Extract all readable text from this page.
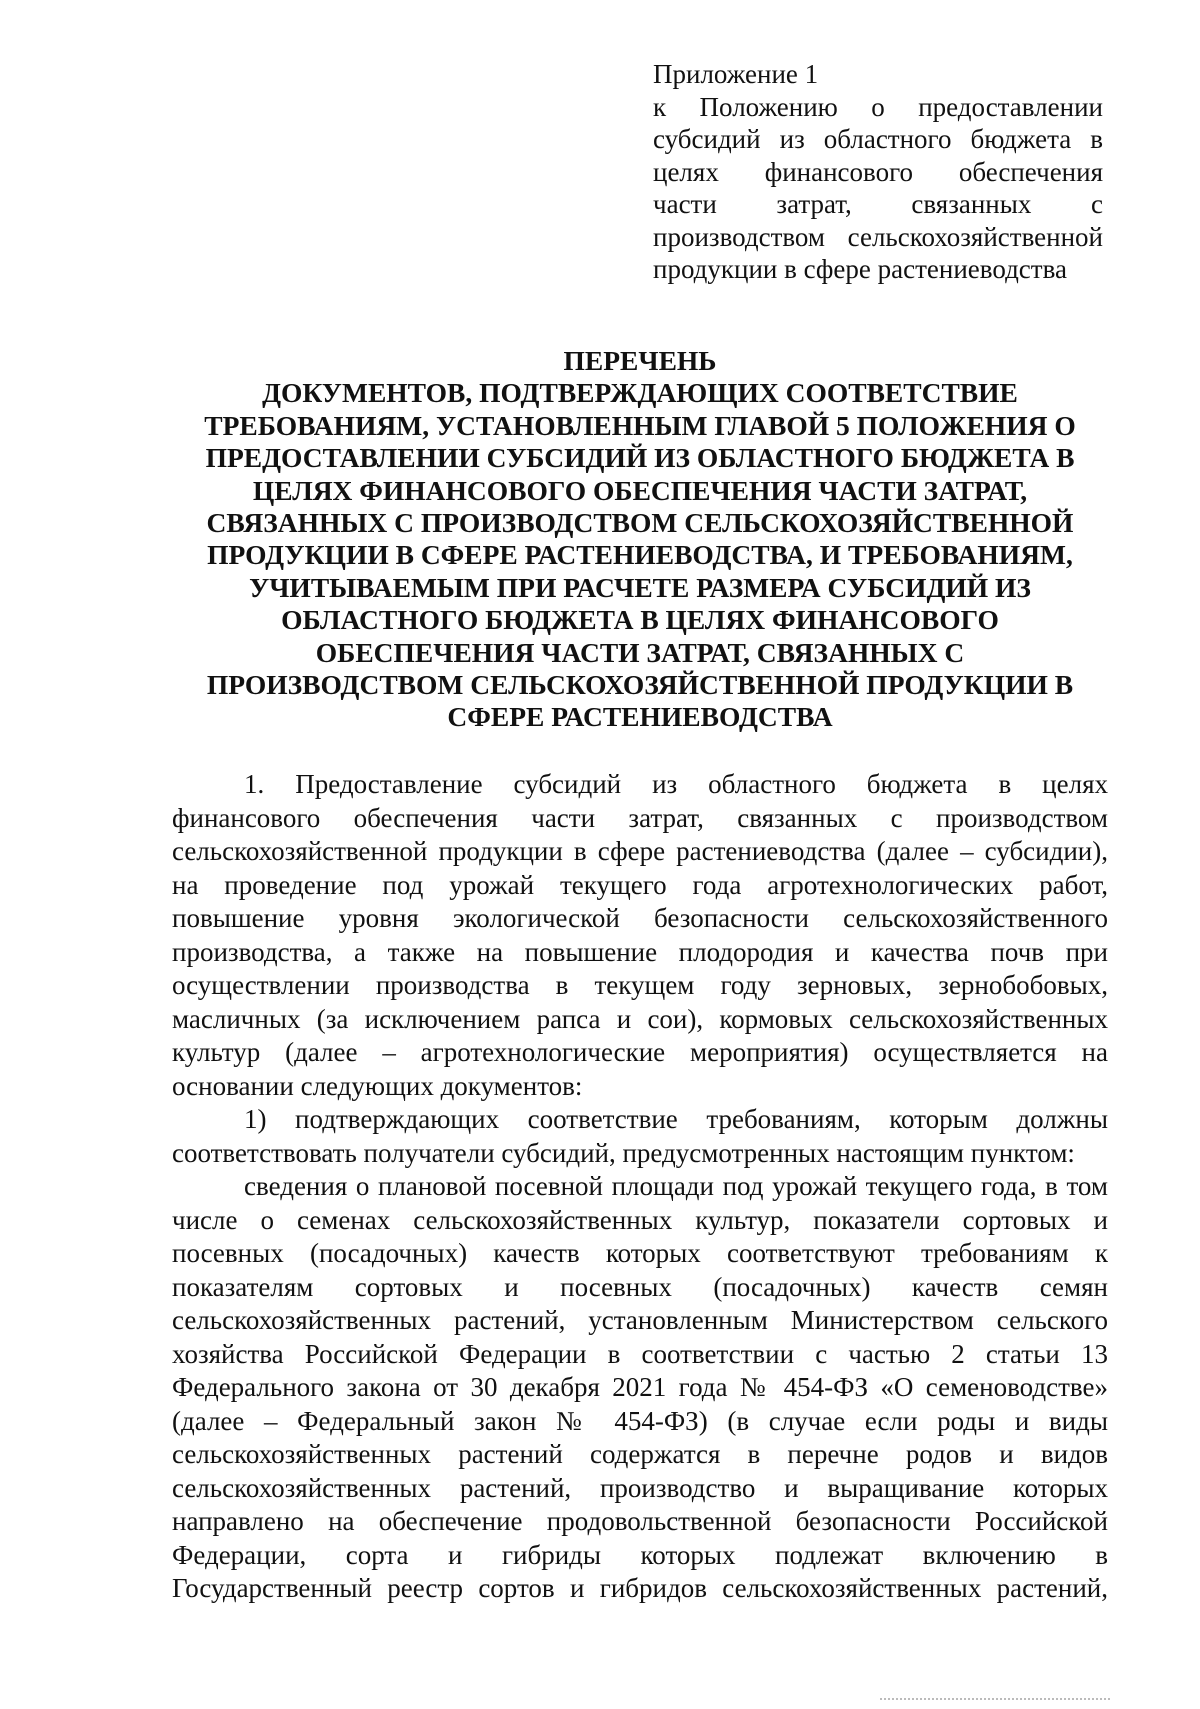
Приложение 1
к Положению о предоставлении
субсидий из областного бюджета в
целях финансового обеспечения
части затрат, связанных с
производством сельскохозяйственной
продукции в сфере растениеводства
ПЕРЕЧЕНЬ
ДОКУМЕНТОВ, ПОДТВЕРЖДАЮЩИХ СООТВЕТСТВИЕ
ТРЕБОВАНИЯМ, УСТАНОВЛЕННЫМ ГЛАВОЙ 5 ПОЛОЖЕНИЯ О
ПРЕДОСТАВЛЕНИИ СУБСИДИЙ ИЗ ОБЛАСТНОГО БЮДЖЕТА В
ЦЕЛЯХ ФИНАНСОВОГО ОБЕСПЕЧЕНИЯ ЧАСТИ ЗАТРАТ,
СВЯЗАННЫХ С ПРОИЗВОДСТВОМ СЕЛЬСКОХОЗЯЙСТВЕННОЙ
ПРОДУКЦИИ В СФЕРЕ РАСТЕНИЕВОДСТВА, И ТРЕБОВАНИЯМ,
УЧИТЫВАЕМЫМ ПРИ РАСЧЕТЕ РАЗМЕРА СУБСИДИЙ ИЗ
ОБЛАСТНОГО БЮДЖЕТА В ЦЕЛЯХ ФИНАНСОВОГО
ОБЕСПЕЧЕНИЯ ЧАСТИ ЗАТРАТ, СВЯЗАННЫХ С
ПРОИЗВОДСТВОМ СЕЛЬСКОХОЗЯЙСТВЕННОЙ ПРОДУКЦИИ В
СФЕРЕ РАСТЕНИЕВОДСТВА
1. Предоставление субсидий из областного бюджета в целях
финансового обеспечения части затрат, связанных с производством
сельскохозяйственной продукции в сфере растениеводства (далее – субсидии),
на проведение под урожай текущего года агротехнологических работ,
повышение уровня экологической безопасности сельскохозяйственного
производства, а также на повышение плодородия и качества почв при
осуществлении производства в текущем году зерновых, зернобобовых,
масличных (за исключением рапса и сои), кормовых сельскохозяйственных
культур (далее – агротехнологические мероприятия) осуществляется на
основании следующих документов:
1) подтверждающих соответствие требованиям, которым должны
соответствовать получатели субсидий, предусмотренных настоящим пунктом:
сведения о плановой посевной площади под урожай текущего года, в том
числе о семенах сельскохозяйственных культур, показатели сортовых и
посевных (посадочных) качеств которых соответствуют требованиям к
показателям сортовых и посевных (посадочных) качеств семян
сельскохозяйственных растений, установленным Министерством сельского
хозяйства Российской Федерации в соответствии с частью 2 статьи 13
Федерального закона от 30 декабря 2021 года № 454-ФЗ «О семеноводстве»
(далее – Федеральный закон № 454-ФЗ) (в случае если роды и виды
сельскохозяйственных растений содержатся в перечне родов и видов
сельскохозяйственных растений, производство и выращивание которых
направлено на обеспечение продовольственной безопасности Российской
Федерации, сорта и гибриды которых подлежат включению в
Государственный реестр сортов и гибридов сельскохозяйственных растений,
